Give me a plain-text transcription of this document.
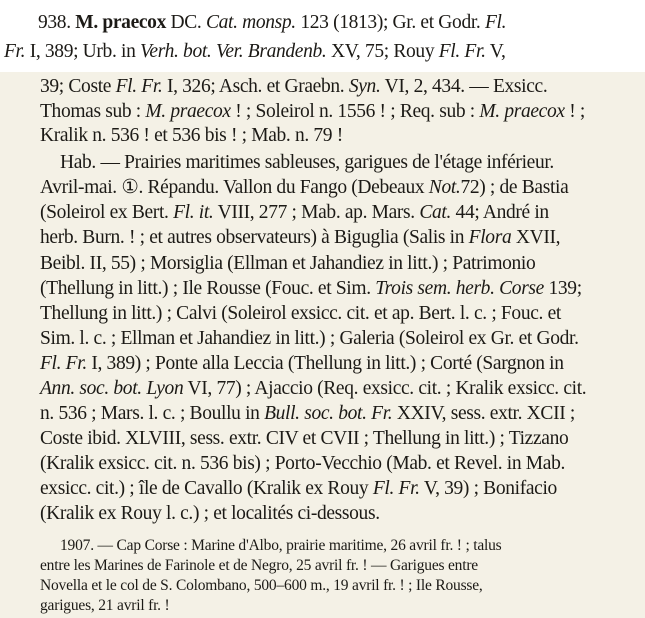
938. M. praecox DC. Cat. monsp. 123 (1813); Gr. et Godr. Fl.

Fr. I, 389; Urb. in Verh. bot. Ver. Brandenb. XV, 75; Rouy Fl. Fr. V,

39; Coste Fl. Fr. I, 326; Asch. et Graebn. Syn. VI, 2, 434. — Exsicc.

Thomas sub : M. praecox ! ; Soleirol n. 1556 ! ; Req. sub : M. praecox ! ;

Kralik n. 536 ! et 536 bis ! ; Mab. n. 79 !

Hab. — Prairies maritimes sableuses, garigues de l'étage inférieur.

Avril-mai. ①. Répandu. Vallon du Fango (Debeaux Not.72) ; de Bastia

(Soleirol ex Bert. Fl. it. VIII, 277 ; Mab. ap. Mars. Cat. 44; André in

herb. Burn. ! ; et autres observateurs) à Biguglia (Salis in Flora XVII,

Beibl. II, 55) ; Morsiglia (Ellman et Jahandiez in litt.) ; Patrimonio

(Thellung in litt.) ; Ile Rousse (Fouc. et Sim. Trois sem. herb. Corse 139;

Thellung in litt.) ; Calvi (Soleirol exsicc. cit. et ap. Bert. l. c. ; Fouc. et

Sim. l. c. ; Ellman et Jahandiez in litt.) ; Galeria (Soleirol ex Gr. et Godr.

Fl. Fr. I, 389) ; Ponte alla Leccia (Thellung in litt.) ; Corté (Sargnon in

Ann. soc. bot. Lyon VI, 77) ; Ajaccio (Req. exsicc. cit. ; Kralik exsicc. cit.

n. 536 ; Mars. l. c. ; Boullu in Bull. soc. bot. Fr. XXIV, sess. extr. XCII ;

Coste ibid. XLVIII, sess. extr. CIV et CVII ; Thellung in litt.) ; Tizzano

(Kralik exsicc. cit. n. 536 bis) ; Porto-Vecchio (Mab. et Revel. in Mab.

exsicc. cit.) ; île de Cavallo (Kralik ex Rouy Fl. Fr. V, 39) ; Bonifacio

(Kralik ex Rouy l. c.) ; et localités ci-dessous.

1907. — Cap Corse : Marine d'Albo, prairie maritime, 26 avril fr. ! ; talus

entre les Marines de Farinole et de Negro, 25 avril fr. ! — Garigues entre

Novella et le col de S. Colombano, 500–600 m., 19 avril fr. ! ; Ile Rousse,

garigues, 21 avril fr. !
